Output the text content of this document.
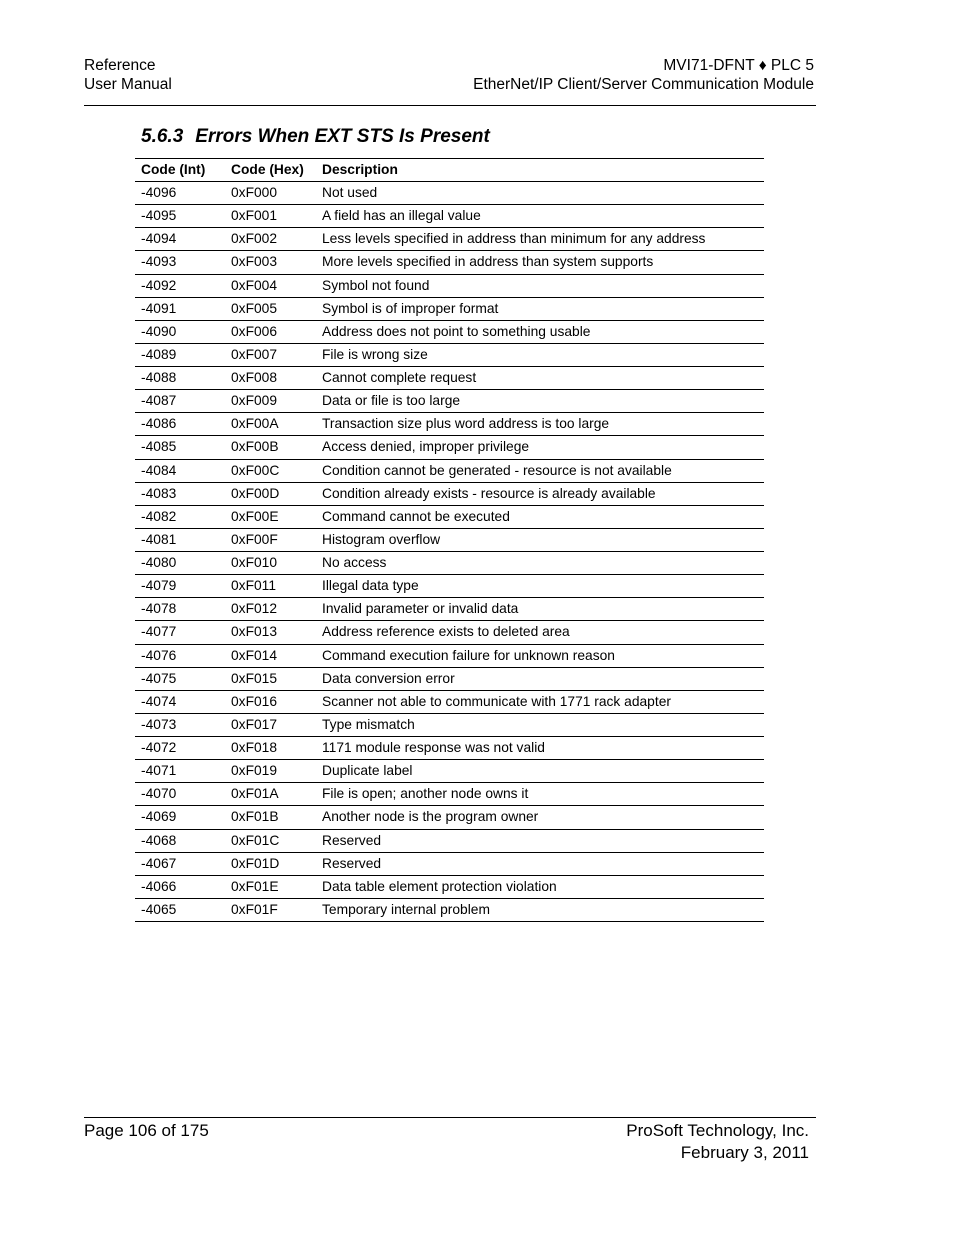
Reference
User Manual
MVI71-DFNT ♦ PLC 5
EtherNet/IP Client/Server Communication Module
5.6.3 Errors When EXT STS Is Present
Code (Int)	Code (Hex)	Description
-4096	0xF000	Not used
-4095	0xF001	A field has an illegal value
-4094	0xF002	Less levels specified in address than minimum for any address
-4093	0xF003	More levels specified in address than system supports
-4092	0xF004	Symbol not found
-4091	0xF005	Symbol is of improper format
-4090	0xF006	Address does not point to something usable
-4089	0xF007	File is wrong size
-4088	0xF008	Cannot complete request
-4087	0xF009	Data or file is too large
-4086	0xF00A	Transaction size plus word address is too large
-4085	0xF00B	Access denied, improper privilege
-4084	0xF00C	Condition cannot be generated - resource is not available
-4083	0xF00D	Condition already exists - resource is already available
-4082	0xF00E	Command cannot be executed
-4081	0xF00F	Histogram overflow
-4080	0xF010	No access
-4079	0xF011	Illegal data type
-4078	0xF012	Invalid parameter or invalid data
-4077	0xF013	Address reference exists to deleted area
-4076	0xF014	Command execution failure for unknown reason
-4075	0xF015	Data conversion error
-4074	0xF016	Scanner not able to communicate with 1771 rack adapter
-4073	0xF017	Type mismatch
-4072	0xF018	1171 module response was not valid
-4071	0xF019	Duplicate label
-4070	0xF01A	File is open; another node owns it
-4069	0xF01B	Another node is the program owner
-4068	0xF01C	Reserved
-4067	0xF01D	Reserved
-4066	0xF01E	Data table element protection violation
-4065	0xF01F	Temporary internal problem
Page 106 of 175	ProSoft Technology, Inc.
February 3, 2011
